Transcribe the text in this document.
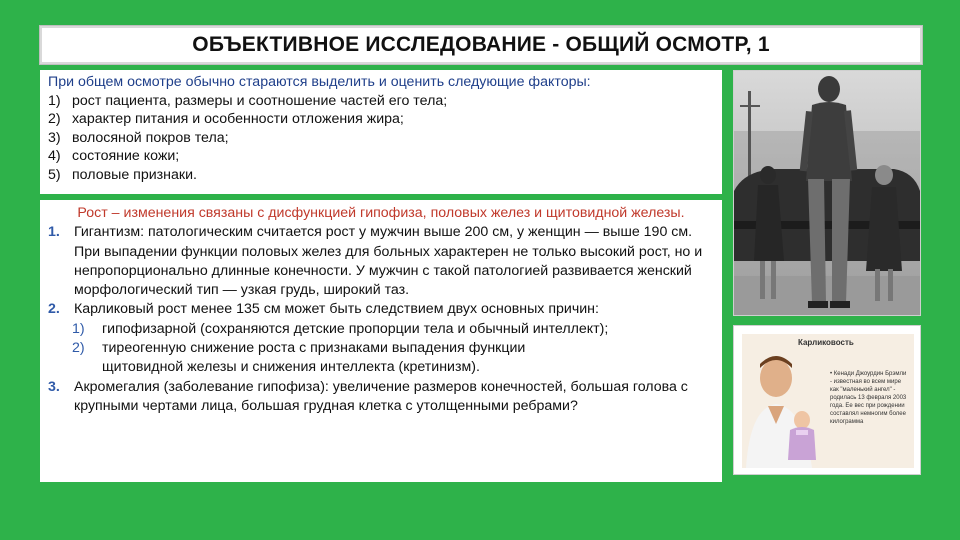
ОБЪЕКТИВНОЕ ИССЛЕДОВАНИЕ - ОБЩИЙ ОСМОТР, 1
При общем осмотре обычно стараются выделить и оценить следующие факторы:
1) рост пациента, размеры и соотношение частей его тела;
2) характер питания и особенности отложения жира;
3) волосяной покров тела;
4) состояние кожи;
5) половые признаки.
Рост – изменения связаны с дисфункцией гипофиза, половых желез и щитовидной железы.
1. Гигантизм: патологическим считается рост у мужчин выше 200 см, у женщин — выше 190 см. При выпадении функции половых желез для больных характерен не только высокий рост, но и непропорционально длинные конечности. У мужчин с такой патологией развивается женский морфологический тип — узкая грудь, широкий таз.
2. Карликовый рост менее 135 см может быть следствием двух основных причин:
1)	гипофизарной (сохраняются детские пропорции тела и обычный интеллект);
2)	тиреогенную снижение роста с признаками выпадения функции
щитовидной железы и снижения интеллекта (кретинизм).
3. Акромегалия (заболевание гипофиза): увеличение размеров конечностей, большая голова с крупными чертами лица, большая грудная клетка с утолщенными ребрами?
Карликовость
• Кенади Джоурдин Брэмли - известная во всем мире как "маленький ангел" - родилась 13 февраля 2003 года. Ее вес при рождении составлял немногим более килограмма
